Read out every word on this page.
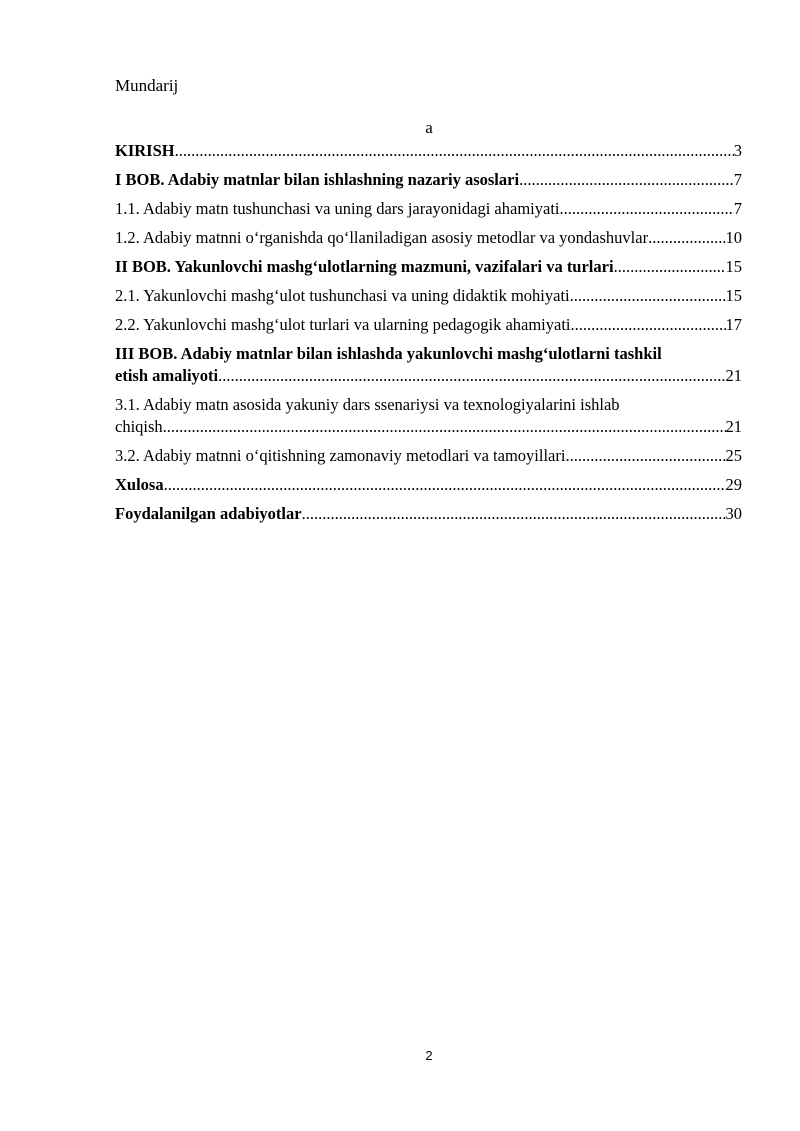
Mundarij
a
KIRISH .....	3
I BOB. Adabiy matnlar bilan ishlashning nazariy asoslari .....	7
1.1. Adabiy matn tushunchasi va uning dars jarayonidagi ahamiyati .....	7
1.2. Adabiy matnni o‘rganishda qo‘llaniladigan asosiy metodlar va yondashuvlar .....	10
II BOB. Yakunlovchi mashg‘ulotlarning mazmuni, vazifalari va turlari .....	15
2.1. Yakunlovchi mashg‘ulot tushunchasi va uning didaktik mohiyati .....	15
2.2. Yakunlovchi mashg‘ulot turlari va ularning pedagogik ahamiyati .....	17
III BOB. Adabiy matnlar bilan ishlashda yakunlovchi mashg‘ulotlarni tashkil
etish amaliyoti .....	21
3.1. Adabiy matn asosida yakuniy dars ssenariysi va texnologiyalarini ishlab
chiqish .....	21
3.2. Adabiy matnni o‘qitishning zamonaviy metodlari va tamoyillari .....	25
Xulosa .....	29
Foydalanilgan adabiyotlar .....	30
2
